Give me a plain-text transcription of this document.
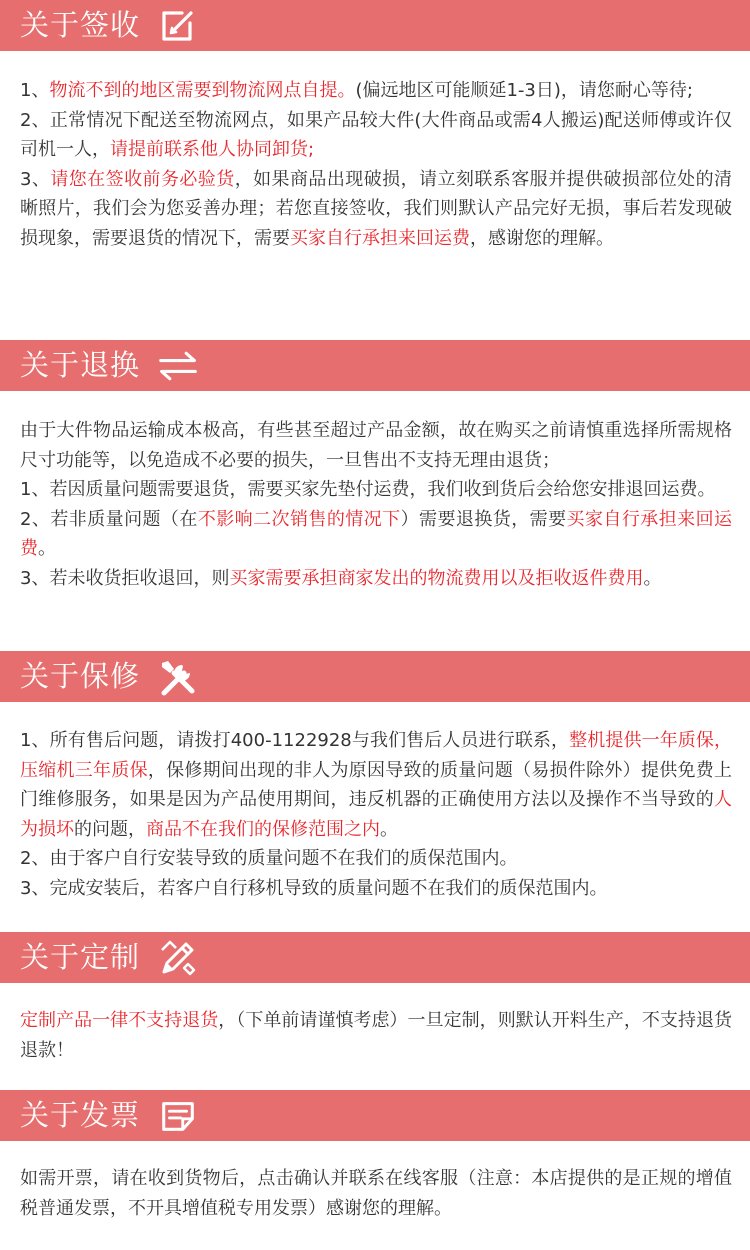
关于签收

1、物流不到的地区需要到物流网点自提。(偏远地区可能顺延1-3日)，请您耐心等待;

2、正常情况下配送至物流网点，如果产品较大件(大件商品或需4人搬运)配送师傅或许仅司机一人，请提前联系他人协同卸货;

3、请您在签收前务必验货，如果商品出现破损，请立刻联系客服并提供破损部位处的清晰照片，我们会为您妥善办理；若您直接签收，我们则默认产品完好无损，事后若发现破损现象，需要退货的情况下，需要买家自行承担来回运费，感谢您的理解。

关于退换

由于大件物品运输成本极高，有些甚至超过产品金额，故在购买之前请慎重选择所需规格尺寸功能等，以免造成不必要的损失，一旦售出不支持无理由退货；

1、若因质量问题需要退货，需要买家先垫付运费，我们收到货后会给您安排退回运费。

2、若非质量问题（在不影响二次销售的情况下）需要退换货，需要买家自行承担来回运费。

3、若未收货拒收退回，则买家需要承担商家发出的物流费用以及拒收返件费用。

关于保修

1、所有售后问题，请拨打400-1122928与我们售后人员进行联系，整机提供一年质保，压缩机三年质保，保修期间出现的非人为原因导致的质量问题（易损件除外）提供免费上门维修服务，如果是因为产品使用期间，违反机器的正确使用方法以及操作不当导致的人为损坏的问题，商品不在我们的保修范围之内。

2、由于客户自行安装导致的质量问题不在我们的质保范围内。

3、完成安装后，若客户自行移机导致的质量问题不在我们的质保范围内。

关于定制

定制产品一律不支持退货，（下单前请谨慎考虑）一旦定制，则默认开料生产，不支持退货退款！

关于发票

如需开票，请在收到货物后，点击确认并联系在线客服（注意：本店提供的是正规的增值税普通发票，不开具增值税专用发票）感谢您的理解。
